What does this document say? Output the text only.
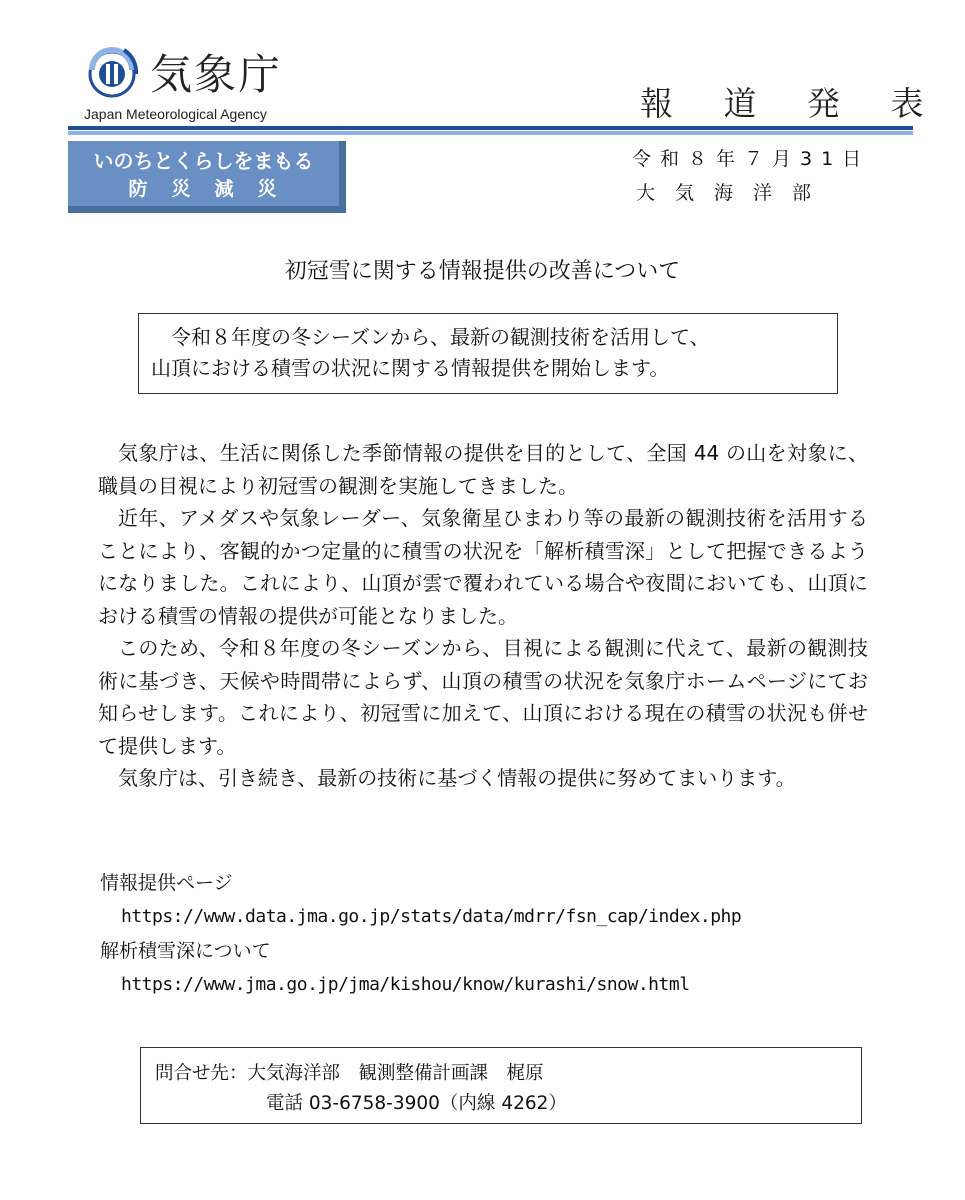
気象庁
Japan Meteorological Agency	報 道 発 表
いのちとくらしをまもる
防災減災
令和８年７月31日
大気海洋部
初冠雪に関する情報提供の改善について

令和８年度の冬シーズンから、最新の観測技術を活用して、

山頂における積雪の状況に関する情報提供を開始します。

気象庁は、生活に関係した季節情報の提供を目的として、全国 44 の山を対象に、職員の目視により初冠雪の観測を実施してきました。

近年、アメダスや気象レーダー、気象衛星ひまわり等の最新の観測技術を活用することにより、客観的かつ定量的に積雪の状況を「解析積雪深」として把握できるようになりました。これにより、山頂が雲で覆われている場合や夜間においても、山頂における積雪の情報の提供が可能となりました。

このため、令和８年度の冬シーズンから、目視による観測に代えて、最新の観測技術に基づき、天候や時間帯によらず、山頂の積雪の状況を気象庁ホームページにてお知らせします。これにより、初冠雪に加えて、山頂における現在の積雪の状況も併せて提供します。

気象庁は、引き続き、最新の技術に基づく情報の提供に努めてまいります。

情報提供ページ
https://www.data.jma.go.jp/stats/data/mdrr/fsn_cap/index.php
解析積雪深について
https://www.jma.go.jp/jma/kishou/know/kurashi/snow.html
問合せ先：大気海洋部　観測整備計画課　梶原
電話 03-6758-3900（内線 4262）
